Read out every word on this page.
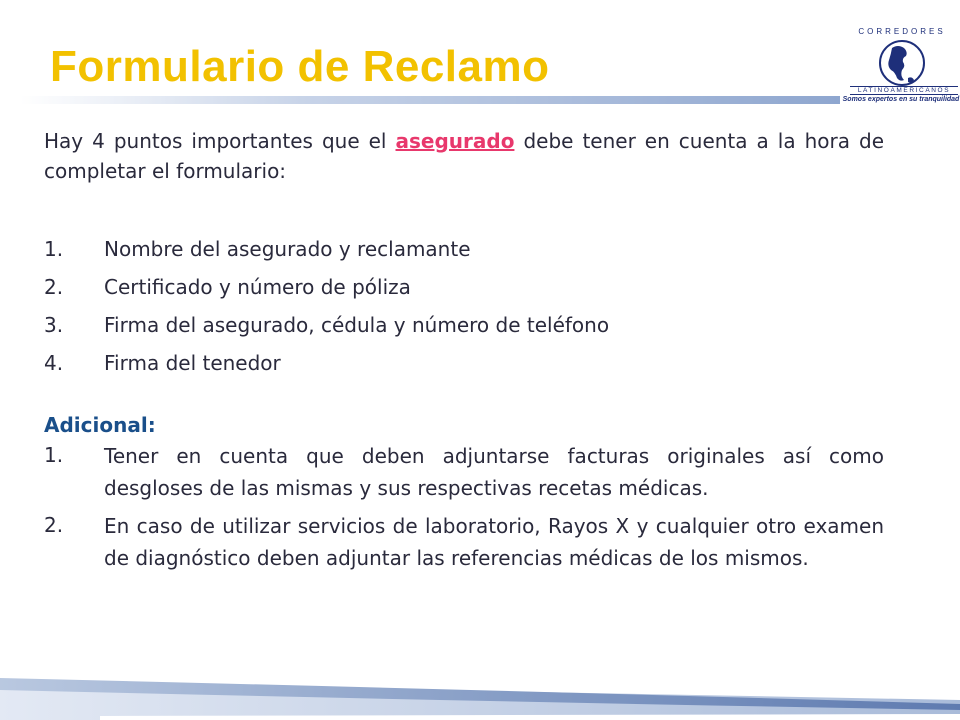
Formulario de Reclamo
CORREDORES
LATINOAMERICANOS
Somos expertos en su tranquilidad

Hay 4 puntos importantes que el asegurado debe tener en cuenta a la hora de completar el formulario:

1.	Nombre del asegurado y reclamante
2.	Certificado y número de póliza
3.	Firma del asegurado, cédula y número de teléfono
4.	Firma del tenedor
Adicional:
1.	Tener en cuenta que deben adjuntarse facturas originales así como desgloses de las mismas y sus respectivas recetas médicas.
2.	En caso de utilizar servicios de laboratorio, Rayos X y cualquier otro examen de diagnóstico deben adjuntar las referencias médicas de los mismos.
